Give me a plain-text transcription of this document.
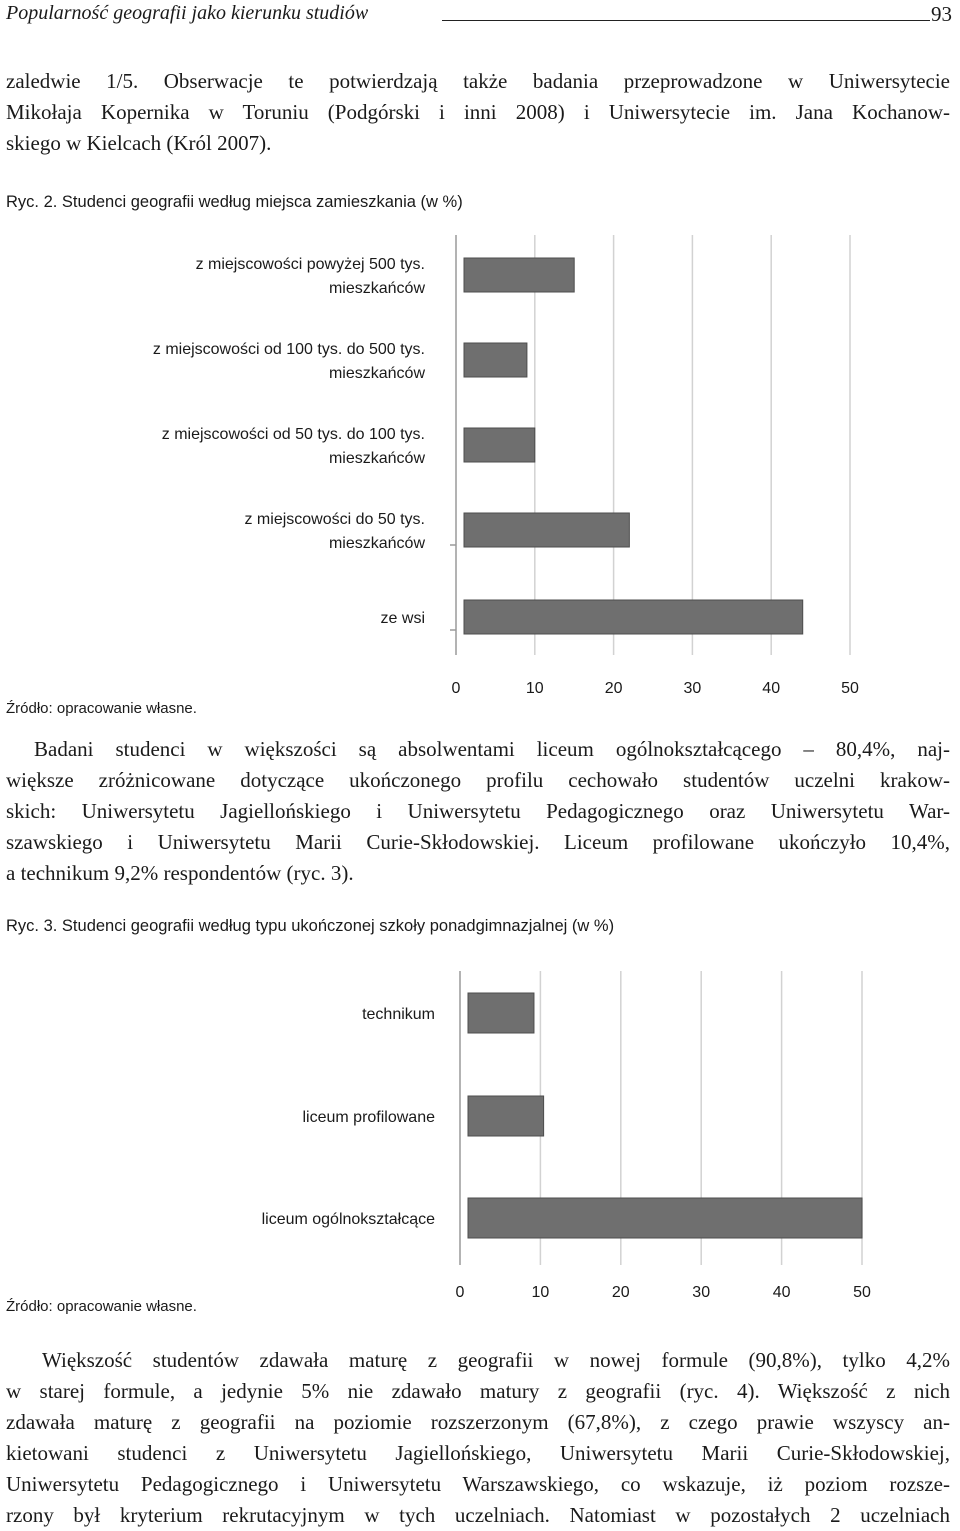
Popularność geografii jako kierunku studiów	93
zaledwie 1/5. Obserwacje te potwierdzają także badania przeprowadzone w Uniwersytecie
Mikołaja Kopernika w Toruniu (Podgórski i inni 2008) i Uniwersytecie im. Jana Kochanow-
skiego w Kielcach (Król 2007).

Ryc. 2. Studenci geografii według miejsca zamieszkania (w %)

z miejscowości powyżej 500 tys.
mieszkańców
z miejscowości od 100 tys. do 500 tys.
mieszkańców
z miejscowości od 50 tys. do 100 tys.
mieszkańców
z miejscowości do 50 tys.
mieszkańców
ze wsi
0	10	20	30	40	50

Źródło: opracowanie własne.

Badani studenci w większości są absolwentami liceum ogólnokształcącego – 80,4%, naj-
większe zróżnicowane dotyczące ukończonego profilu cechowało studentów uczelni krakow-
skich: Uniwersytetu Jagiellońskiego i Uniwersytetu Pedagogicznego oraz Uniwersytetu War-
szawskiego i Uniwersytetu Marii Curie-Skłodowskiej. Liceum profilowane ukończyło 10,4%,
a technikum 9,2% respondentów (ryc. 3).

Ryc. 3. Studenci geografii według typu ukończonej szkoły ponadgimnazjalnej (w %)

technikum
liceum profilowane
liceum ogólnokształcące
0	10	20	30	40	50

Źródło: opracowanie własne.

Większość studentów zdawała maturę z geografii w nowej formule (90,8%), tylko 4,2%
w starej formule, a jedynie 5% nie zdawało matury z geografii (ryc. 4). Większość z nich
zdawała maturę z geografii na poziomie rozszerzonym (67,8%), z czego prawie wszyscy an-
kietowani studenci z Uniwersytetu Jagiellońskiego, Uniwersytetu Marii Curie-Skłodowskiej,
Uniwersytetu Pedagogicznego i Uniwersytetu Warszawskiego, co wskazuje, iż poziom rozsze-
rzony był kryterium rekrutacyjnym w tych uczelniach. Natomiast w pozostałych 2 uczelniach
